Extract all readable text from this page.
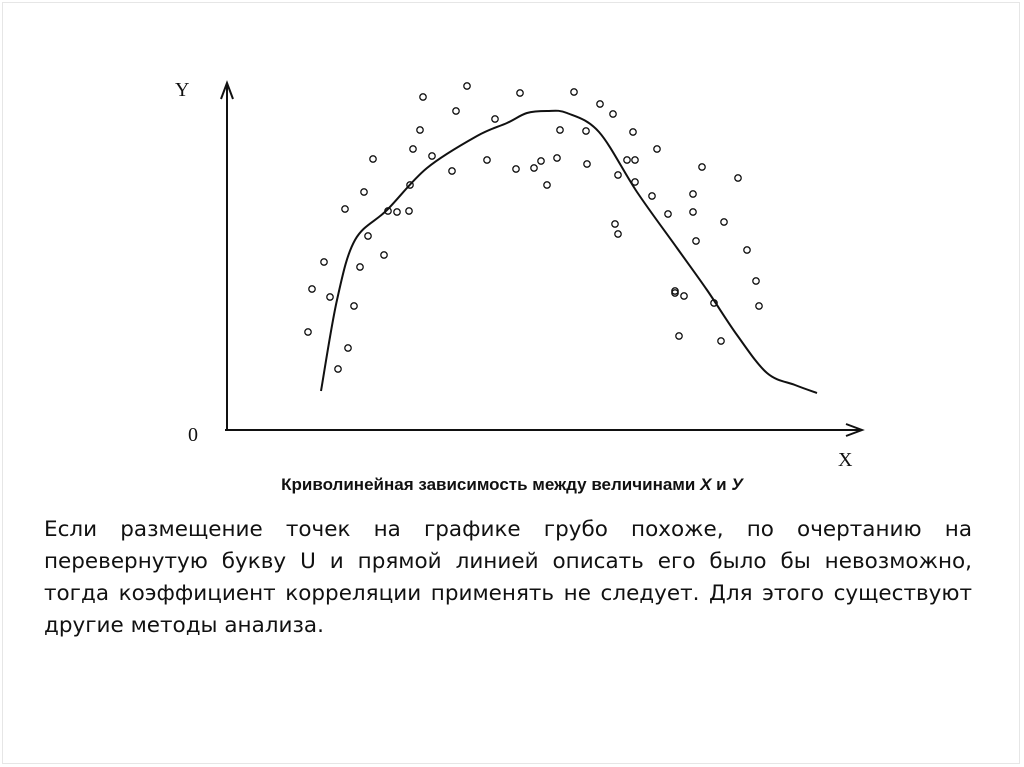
Y
X
0
Криволинейная зависимость между величинами X и У
Если размещение точек на графике грубо похоже, по очертанию на перевернутую букву U и прямой линией описать его было бы невозможно, тогда коэффициент корреляции применять не следует. Для этого существуют другие методы анализа.
